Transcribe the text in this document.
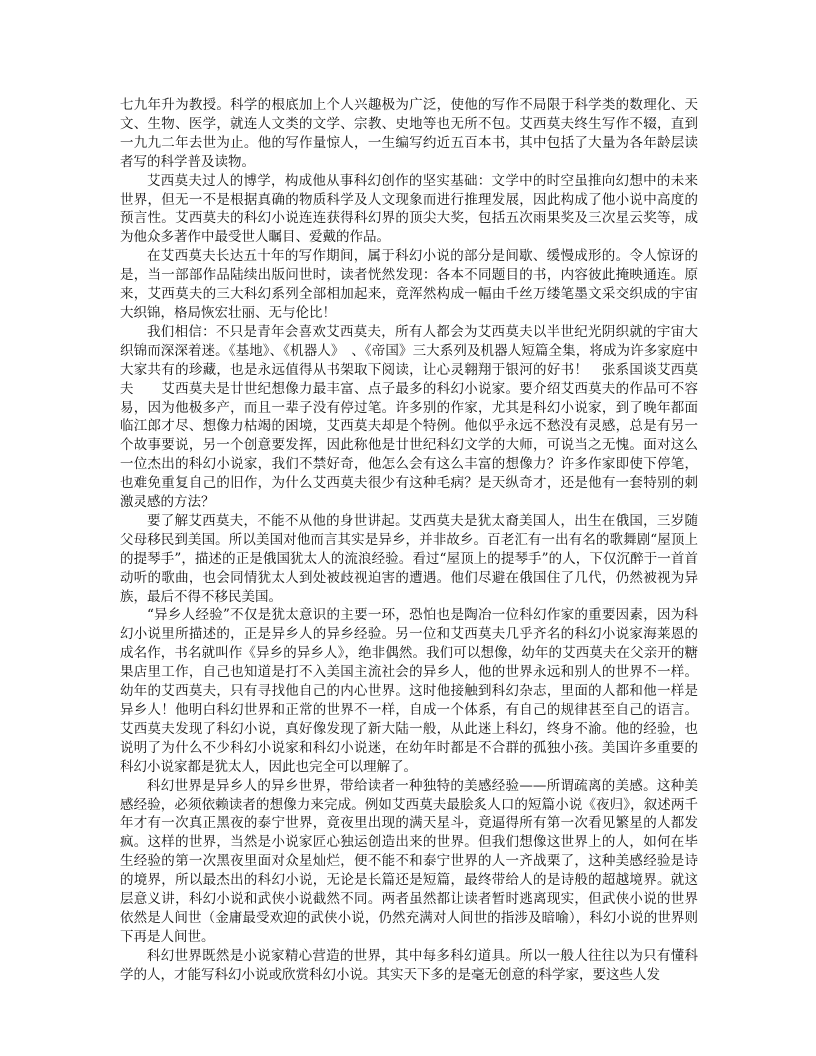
七九年升为教授。科学的根底加上个人兴趣极为广泛，使他的写作不局限于科学类的数理化、天文、生物、医学，就连人文类的文学、宗教、史地等也无所不包。艾西莫夫终生写作不辍，直到一九九二年去世为止。他的写作量惊人，一生编写约近五百本书，其中包括了大量为各年龄层读者写的科学普及读物。

艾西莫夫过人的博学，构成他从事科幻创作的坚实基础：文学中的时空虽推向幻想中的未来世界，但无一不是根据真确的物质科学及人文现象而进行推理发展，因此构成了他小说中高度的预言性。艾西莫夫的科幻小说连连获得科幻界的顶尖大奖，包括五次雨果奖及三次星云奖等，成为他众多著作中最受世人瞩目、爱戴的作品。

在艾西莫夫长达五十年的写作期间，属于科幻小说的部分是间歇、缓慢成形的。令人惊讶的是，当一部部作品陆续出版问世时，读者恍然发现：各本不同题目的书，内容彼此掩映通连。原来，艾西莫夫的三大科幻系列全部相加起来，竟浑然构成一幅由千丝万缕笔墨文采交织成的宇宙大织锦，格局恢宏壮丽、无与伦比！

我们相信：不只是青年会喜欢艾西莫夫，所有人都会为艾西莫夫以半世纪光阴织就的宇宙大织锦而深深着迷。《基地》、《机器人》　、《帝国》三大系列及机器人短篇全集，将成为许多家庭中大家共有的珍藏，也是永远值得从书架取下阅读，让心灵翱翔于银河的好书！　张系国谈艾西莫夫　　艾西莫夫是廿世纪想像力最丰富、点子最多的科幻小说家。要介绍艾西莫夫的作品可不容易，因为他极多产，而且一辈子没有停过笔。许多别的作家，尤其是科幻小说家，到了晚年都面临江郎才尽、想像力枯竭的困境，艾西莫夫却是个特例。他似乎永远不愁没有灵感，总是有另一个故事要说，另一个创意要发挥，因此称他是廿世纪科幻文学的大师，可说当之无愧。面对这么一位杰出的科幻小说家，我们不禁好奇，他怎么会有这么丰富的想像力？许多作家即使下停笔，也难免重复自己的旧作，为什么艾西莫夫很少有这种毛病？是天纵奇才，还是他有一套特别的刺激灵感的方法？

要了解艾西莫夫，不能不从他的身世讲起。艾西莫夫是犹太裔美国人，出生在俄国，三岁随父母移民到美国。所以美国对他而言其实是异乡，并非故乡。百老汇有一出有名的歌舞剧“屋顶上的提琴手”，描述的正是俄国犹太人的流浪经验。看过“屋顶上的提琴手”的人，下仅沉醉于一首首动听的歌曲，也会同情犹太人到处被歧视迫害的遭遇。他们尽避在俄国住了几代，仍然被视为异族，最后不得不移民美国。

“异乡人经验”不仅是犹太意识的主要一环，恐怕也是陶冶一位科幻作家的重要因素，因为科幻小说里所描述的，正是异乡人的异乡经验。另一位和艾西莫夫几乎齐名的科幻小说家海莱恩的成名作，书名就叫作《异乡的异乡人》，绝非偶然。我们可以想像，幼年的艾西莫夫在父亲开的糖果店里工作，自己也知道是打不入美国主流社会的异乡人，他的世界永远和别人的世界不一样。幼年的艾西莫夫，只有寻找他自己的内心世界。这时他接触到科幻杂志，里面的人都和他一样是异乡人！他明白科幻世界和正常的世界不一样，自成一个体系，有自己的规律甚至自己的语言。艾西莫夫发现了科幻小说，真好像发现了新大陆一般，从此迷上科幻，终身不渝。他的经验，也说明了为什么不少科幻小说家和科幻小说迷，在幼年时都是不合群的孤独小孩。美国许多重要的科幻小说家都是犹太人，因此也完全可以理解了。

科幻世界是异乡人的异乡世界，带给读者一种独特的美感经验——所谓疏离的美感。这种美感经验，必须依赖读者的想像力来完成。例如艾西莫夫最脍炙人口的短篇小说《夜归》，叙述两千年才有一次真正黑夜的泰宁世界，竟夜里出现的满天星斗，竟逼得所有第一次看见繁星的人都发疯。这样的世界，当然是小说家匠心独运创造出来的世界。但我们想像这世界上的人，如何在毕生经验的第一次黑夜里面对众星灿烂，便不能不和泰宁世界的人一齐战栗了，这种美感经验是诗的境界，所以最杰出的科幻小说，无论是长篇还是短篇，最终带给人的是诗般的超越境界。就这层意义讲，科幻小说和武侠小说截然不同。两者虽然都让读者暂时逃离现实，但武侠小说的世界依然是人间世（金庸最受欢迎的武侠小说，仍然充满对人间世的指涉及暗喻），科幻小说的世界则下再是人间世。

科幻世界既然是小说家精心营造的世界，其中每多科幻道具。所以一般人往往以为只有懂科学的人，才能写科幻小说或欣赏科幻小说。其实天下多的是毫无创意的科学家，要这些人发
